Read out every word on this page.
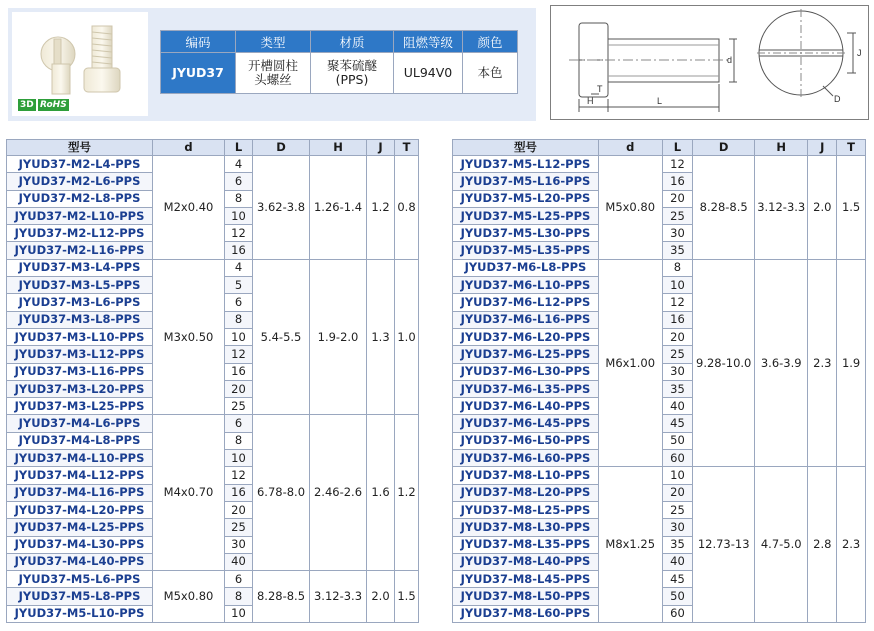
3D RoHS
编码	类型	材质	阻燃等级	颜色
JYUD37	开槽圆柱头螺丝	聚苯硫醚(PPS)	UL94V0	本色
T
H	L
d
D
J
型号	d	L	D	H	J	T
JYUD37-M2-L4-PPS	M2x0.40	4	3.62-3.8	1.26-1.4	1.2	0.8
JYUD37-M2-L6-PPS		6				
JYUD37-M2-L8-PPS		8				
JYUD37-M2-L10-PPS		10				
JYUD37-M2-L12-PPS		12				
JYUD37-M2-L16-PPS		16				
JYUD37-M3-L4-PPS	M3x0.50	4	5.4-5.5	1.9-2.0	1.3	1.0
JYUD37-M3-L5-PPS		5				
JYUD37-M3-L6-PPS		6				
JYUD37-M3-L8-PPS		8				
JYUD37-M3-L10-PPS		10				
JYUD37-M3-L12-PPS		12				
JYUD37-M3-L16-PPS		16				
JYUD37-M3-L20-PPS		20				
JYUD37-M3-L25-PPS		25				
JYUD37-M4-L6-PPS	M4x0.70	6	6.78-8.0	2.46-2.6	1.6	1.2
JYUD37-M4-L8-PPS		8				
JYUD37-M4-L10-PPS		10				
JYUD37-M4-L12-PPS		12				
JYUD37-M4-L16-PPS		16				
JYUD37-M4-L20-PPS		20				
JYUD37-M4-L25-PPS		25				
JYUD37-M4-L30-PPS		30				
JYUD37-M4-L40-PPS		40				
JYUD37-M5-L6-PPS	M5x0.80	6	8.28-8.5	3.12-3.3	2.0	1.5
JYUD37-M5-L8-PPS		8				
JYUD37-M5-L10-PPS		10				
型号	d	L	D	H	J	T
JYUD37-M5-L12-PPS	M5x0.80	12	8.28-8.5	3.12-3.3	2.0	1.5
JYUD37-M5-L16-PPS		16				
JYUD37-M5-L20-PPS		20				
JYUD37-M5-L25-PPS		25				
JYUD37-M5-L30-PPS		30				
JYUD37-M5-L35-PPS		35				
JYUD37-M6-L8-PPS	M6x1.00	8	9.28-10.0	3.6-3.9	2.3	1.9
JYUD37-M6-L10-PPS		10				
JYUD37-M6-L12-PPS		12				
JYUD37-M6-L16-PPS		16				
JYUD37-M6-L20-PPS		20				
JYUD37-M6-L25-PPS		25				
JYUD37-M6-L30-PPS		30				
JYUD37-M6-L35-PPS		35				
JYUD37-M6-L40-PPS		40				
JYUD37-M6-L45-PPS		45				
JYUD37-M6-L50-PPS		50				
JYUD37-M6-L60-PPS		60				
JYUD37-M8-L10-PPS	M8x1.25	10	12.73-13	4.7-5.0	2.8	2.3
JYUD37-M8-L20-PPS		20				
JYUD37-M8-L25-PPS		25				
JYUD37-M8-L30-PPS		30				
JYUD37-M8-L35-PPS		35				
JYUD37-M8-L40-PPS		40				
JYUD37-M8-L45-PPS		45				
JYUD37-M8-L50-PPS		50				
JYUD37-M8-L60-PPS		60				
